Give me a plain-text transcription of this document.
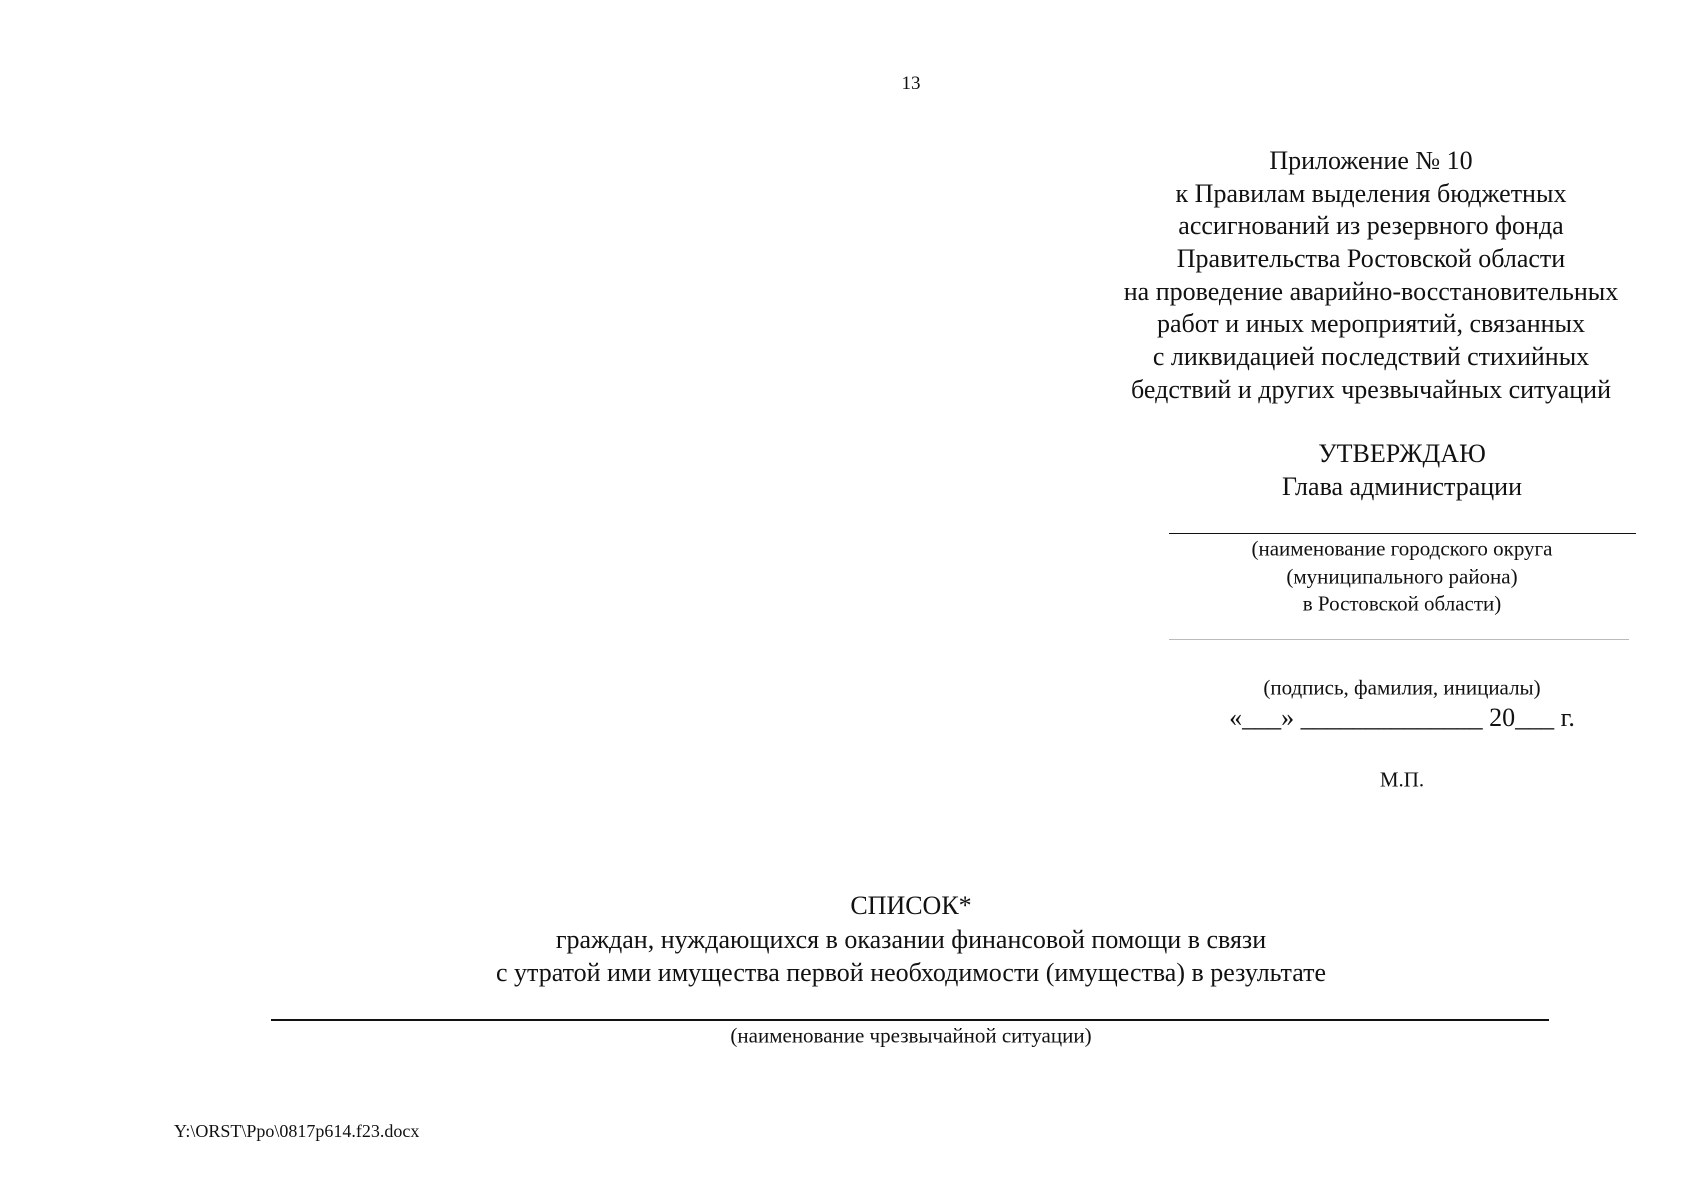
13
Приложение № 10
к Правилам выделения бюджетных
ассигнований из резервного фонда
Правительства Ростовской области
на проведение аварийно-восстановительных
работ и иных мероприятий, связанных
с ликвидацией последствий стихийных
бедствий и других чрезвычайных ситуаций
УТВЕРЖДАЮ
Глава администрации
(наименование городского округа
(муниципального района)
в Ростовской области)
(подпись, фамилия, инициалы)
«___» ______________ 20___ г.
М.П.
СПИСОК*
граждан, нуждающихся в оказании финансовой помощи в связи
с утратой ими имущества первой необходимости (имущества) в результате
(наименование чрезвычайной ситуации)
Y:\ORST\Ppo\0817p614.f23.docx
